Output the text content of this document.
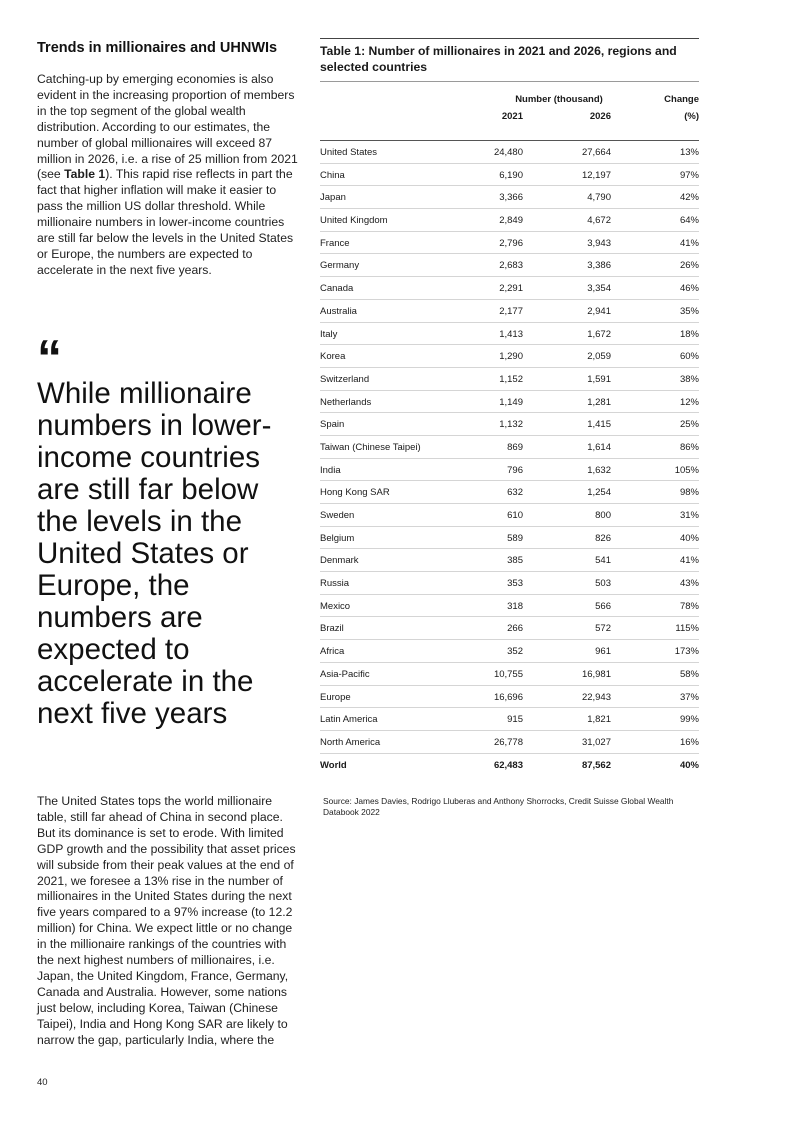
Trends in millionaires and UHNWIs

Catching-up by emerging economies is also evident in the increasing proportion of members in the top segment of the global wealth distribution. According to our estimates, the number of global millionaires will exceed 87 million in 2026, i.e. a rise of 25 million from 2021 (see Table 1). This rapid rise reflects in part the fact that higher inflation will make it easier to pass the million US dollar threshold. While millionaire numbers in lower-income countries are still far below the levels in the United States or Europe, the numbers are expected to accelerate in the next five years.

“

While millionaire numbers in lower-income countries are still far below the levels in the United States or Europe, the numbers are expected to accelerate in the next five years

The United States tops the world millionaire table, still far ahead of China in second place. But its dominance is set to erode. With limited GDP growth and the possibility that asset prices will subside from their peak values at the end of 2021, we foresee a 13% rise in the number of millionaires in the United States during the next five years compared to a 97% increase (to 12.2 million) for China. We expect little or no change in the millionaire rankings of the countries with the next highest numbers of millionaires, i.e. Japan, the United Kingdom, France, Germany, Canada and Australia. However, some nations just below, including Korea, Taiwan (Chinese Taipei), India and Hong Kong SAR are likely to narrow the gap, particularly India, where the

40
Table 1: Number of millionaires in 2021 and 2026, regions and selected countries
Number (thousand)
2021	2026
Change
(%)
United States	24,480	27,664	13%
China	6,190	12,197	97%
Japan	3,366	4,790	42%
United Kingdom	2,849	4,672	64%
France	2,796	3,943	41%
Germany	2,683	3,386	26%
Canada	2,291	3,354	46%
Australia	2,177	2,941	35%
Italy	1,413	1,672	18%
Korea	1,290	2,059	60%
Switzerland	1,152	1,591	38%
Netherlands	1,149	1,281	12%
Spain	1,132	1,415	25%
Taiwan (Chinese Taipei)	869	1,614	86%
India	796	1,632	105%
Hong Kong SAR	632	1,254	98%
Sweden	610	800	31%
Belgium	589	826	40%
Denmark	385	541	41%
Russia	353	503	43%
Mexico	318	566	78%
Brazil	266	572	115%
Africa	352	961	173%
Asia-Pacific	10,755	16,981	58%
Europe	16,696	22,943	37%
Latin America	915	1,821	99%
North America	26,778	31,027	16%
World	62,483	87,562	40%
Source: James Davies, Rodrigo Lluberas and Anthony Shorrocks, Credit Suisse Global Wealth Databook 2022
